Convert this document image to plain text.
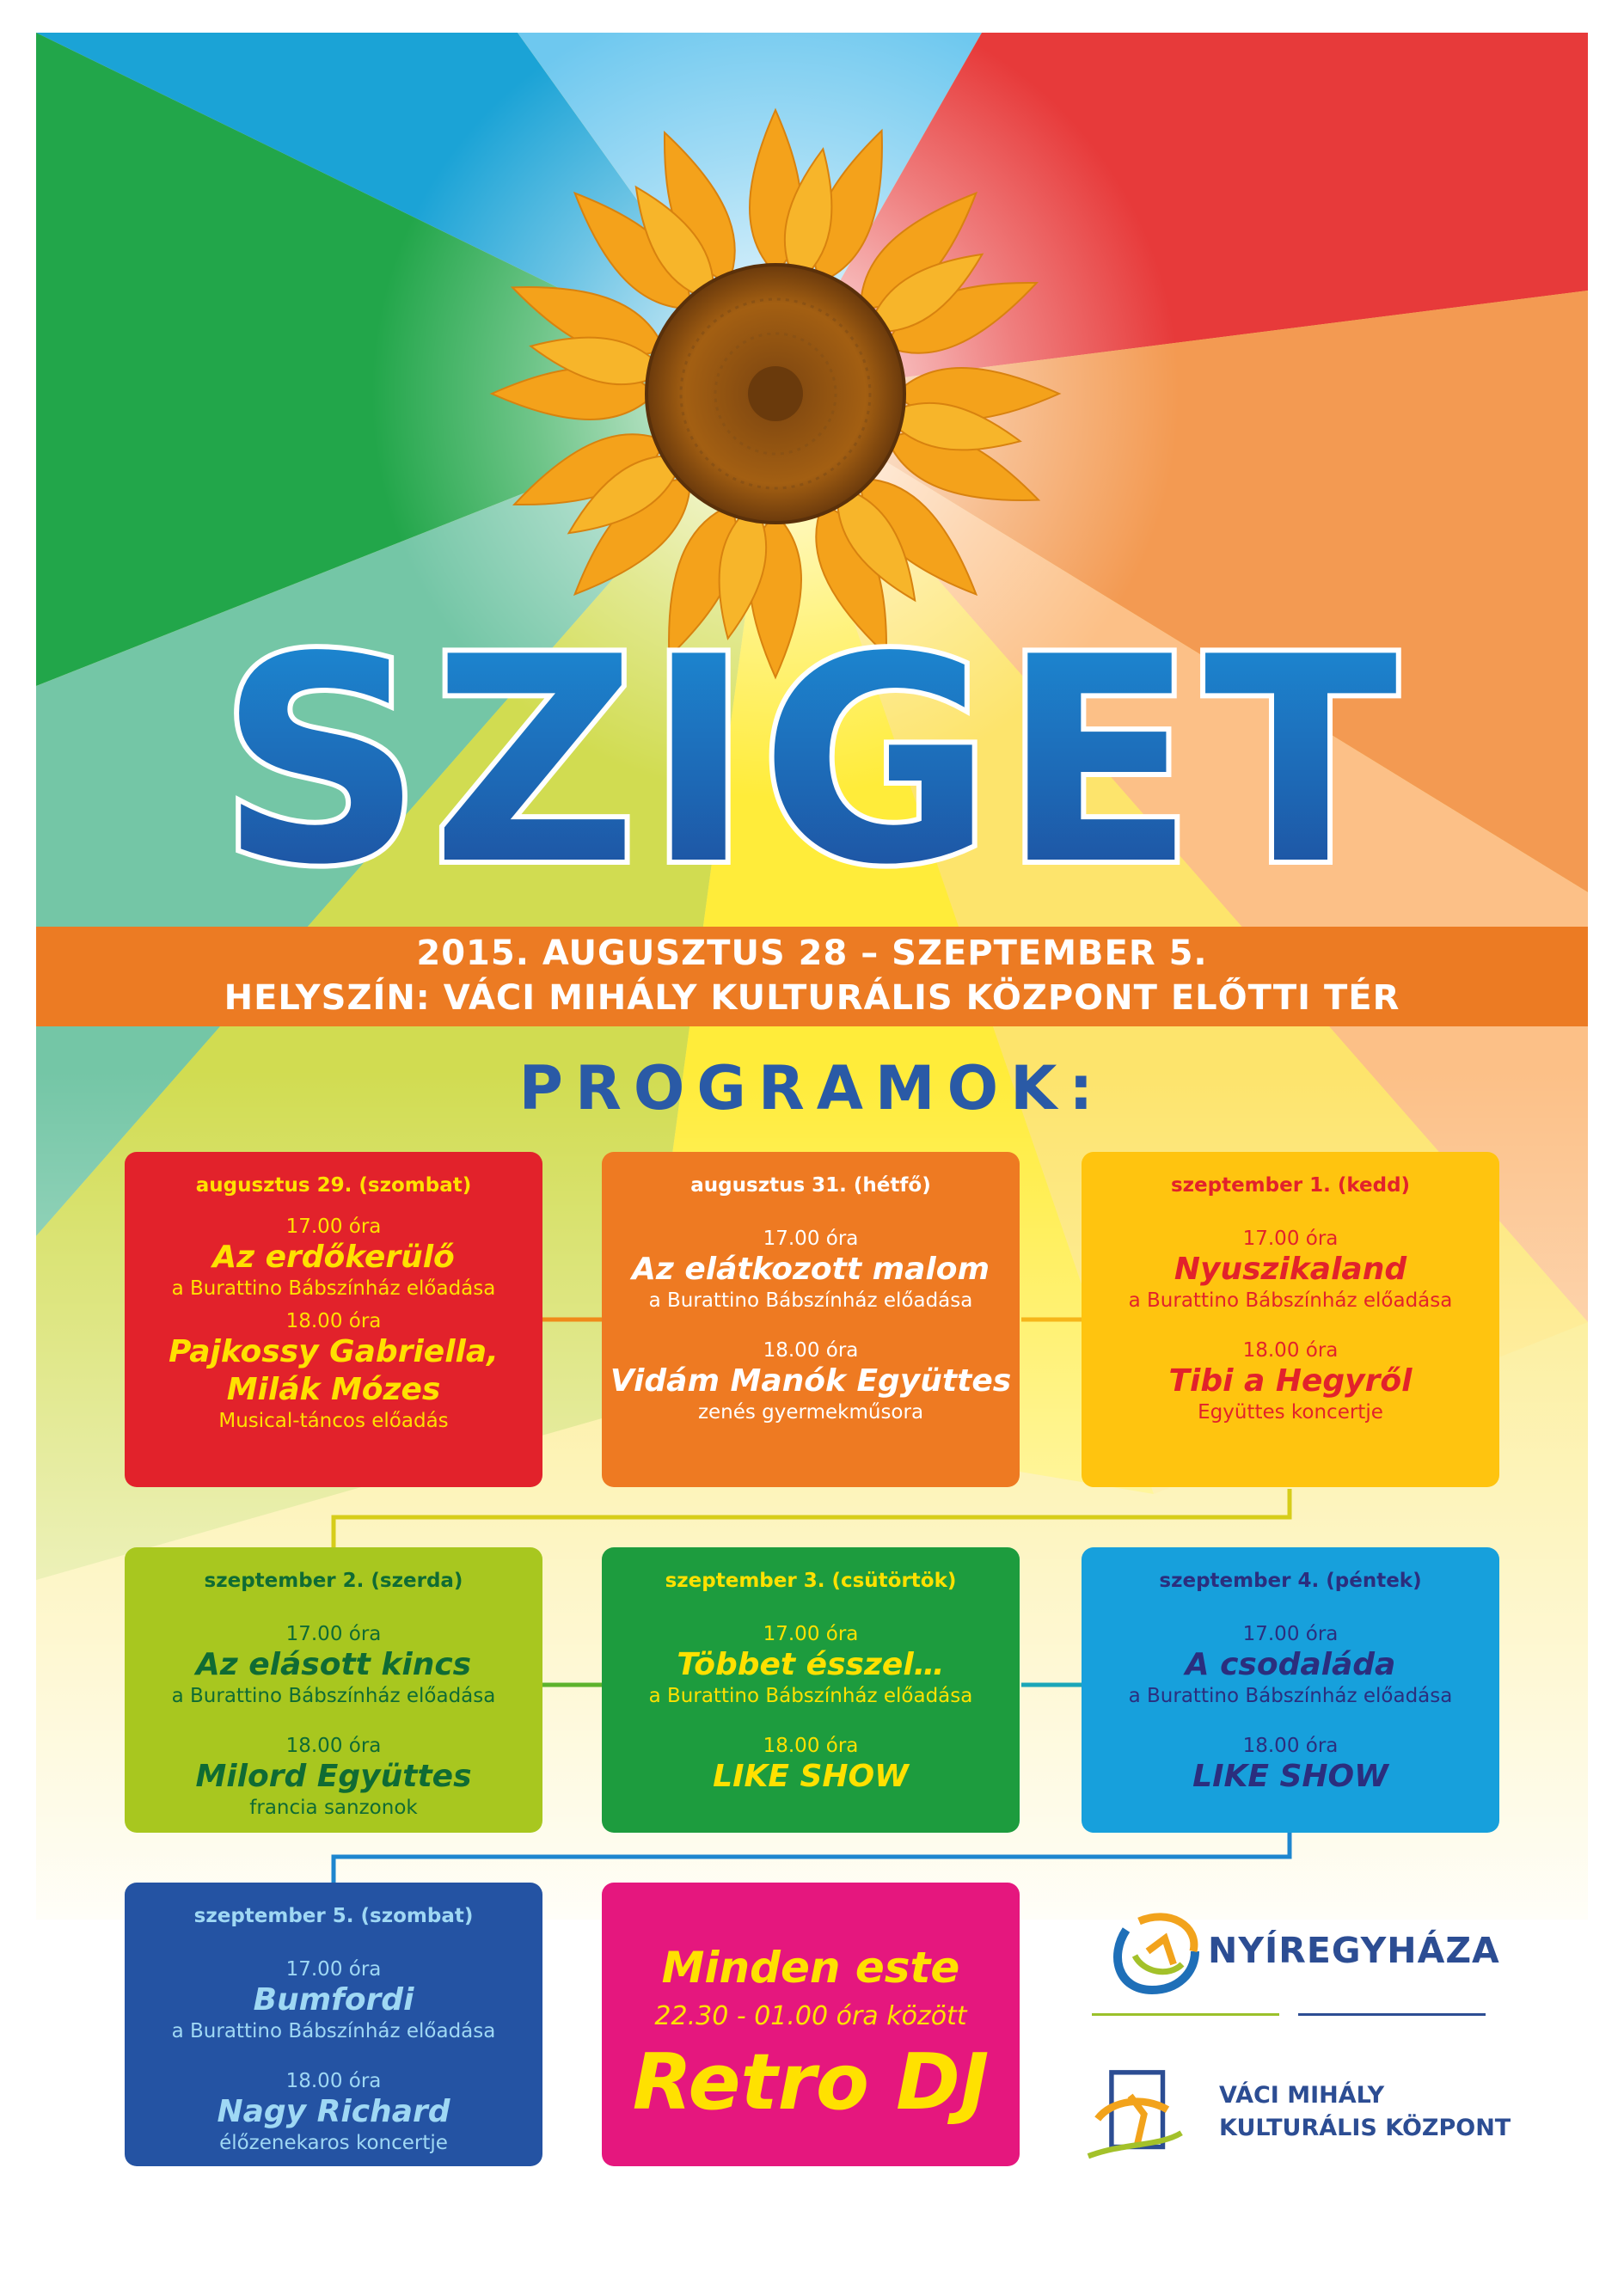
SZIGET
2015. AUGUSZTUS 28 – SZEPTEMBER 5.
HELYSZÍN: VÁCI MIHÁLY KULTURÁLIS KÖZPONT ELŐTTI TÉR
PROGRAMOK:
augusztus 29. (szombat)
17.00 óra
Az erdőkerülő
a Burattino Bábszínház előadása
18.00 óra
Pajkossy Gabriella,
Milák Mózes
Musical-táncos előadás
augusztus 31. (hétfő)
17.00 óra
Az elátkozott malom
a Burattino Bábszínház előadása
18.00 óra
Vidám Manók Együttes
zenés gyermekműsora
szeptember 1. (kedd)
17.00 óra
Nyuszikaland
a Burattino Bábszínház előadása
18.00 óra
Tibi a Hegyről
Együttes koncertje
szeptember 2. (szerda)
17.00 óra
Az elásott kincs
a Burattino Bábszínház előadása
18.00 óra
Milord Együttes
francia sanzonok
szeptember 3. (csütörtök)
17.00 óra
Többet ésszel…
a Burattino Bábszínház előadása
18.00 óra
LIKE SHOW
szeptember 4. (péntek)
17.00 óra
A csodaláda
a Burattino Bábszínház előadása
18.00 óra
LIKE SHOW
szeptember 5. (szombat)
17.00 óra
Bumfordi
a Burattino Bábszínház előadása
18.00 óra
Nagy Richard
élőzenekaros koncertje
Minden este
22.30 - 01.00 óra között
Retro DJ
NYÍREGYHÁZA
VÁCI MIHÁLY
KULTURÁLIS KÖZPONT
